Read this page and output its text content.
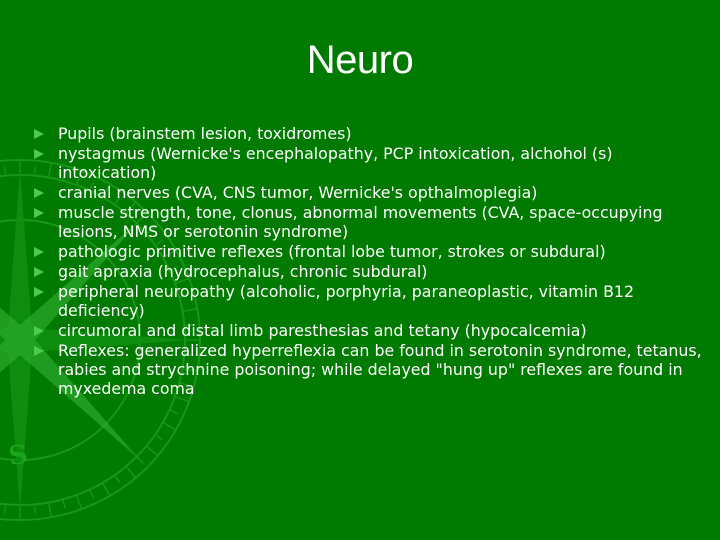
S
Neuro
Pupils (brainstem lesion, toxidromes)
nystagmus (Wernicke's encephalopathy, PCP intoxication, alchohol (s) intoxication)
cranial nerves (CVA, CNS tumor, Wernicke's opthalmoplegia)
muscle strength, tone, clonus, abnormal movements (CVA, space-occupying lesions, NMS or serotonin syndrome)
pathologic primitive reflexes (frontal lobe tumor, strokes or subdural)
gait apraxia (hydrocephalus, chronic subdural)
peripheral neuropathy (alcoholic, porphyria, paraneoplastic, vitamin B12 deficiency)
circumoral and distal limb paresthesias and tetany (hypocalcemia)
Reflexes: generalized hyperreflexia can be found in serotonin syndrome, tetanus, rabies and strychnine poisoning; while delayed "hung up" reflexes are found in myxedema coma
